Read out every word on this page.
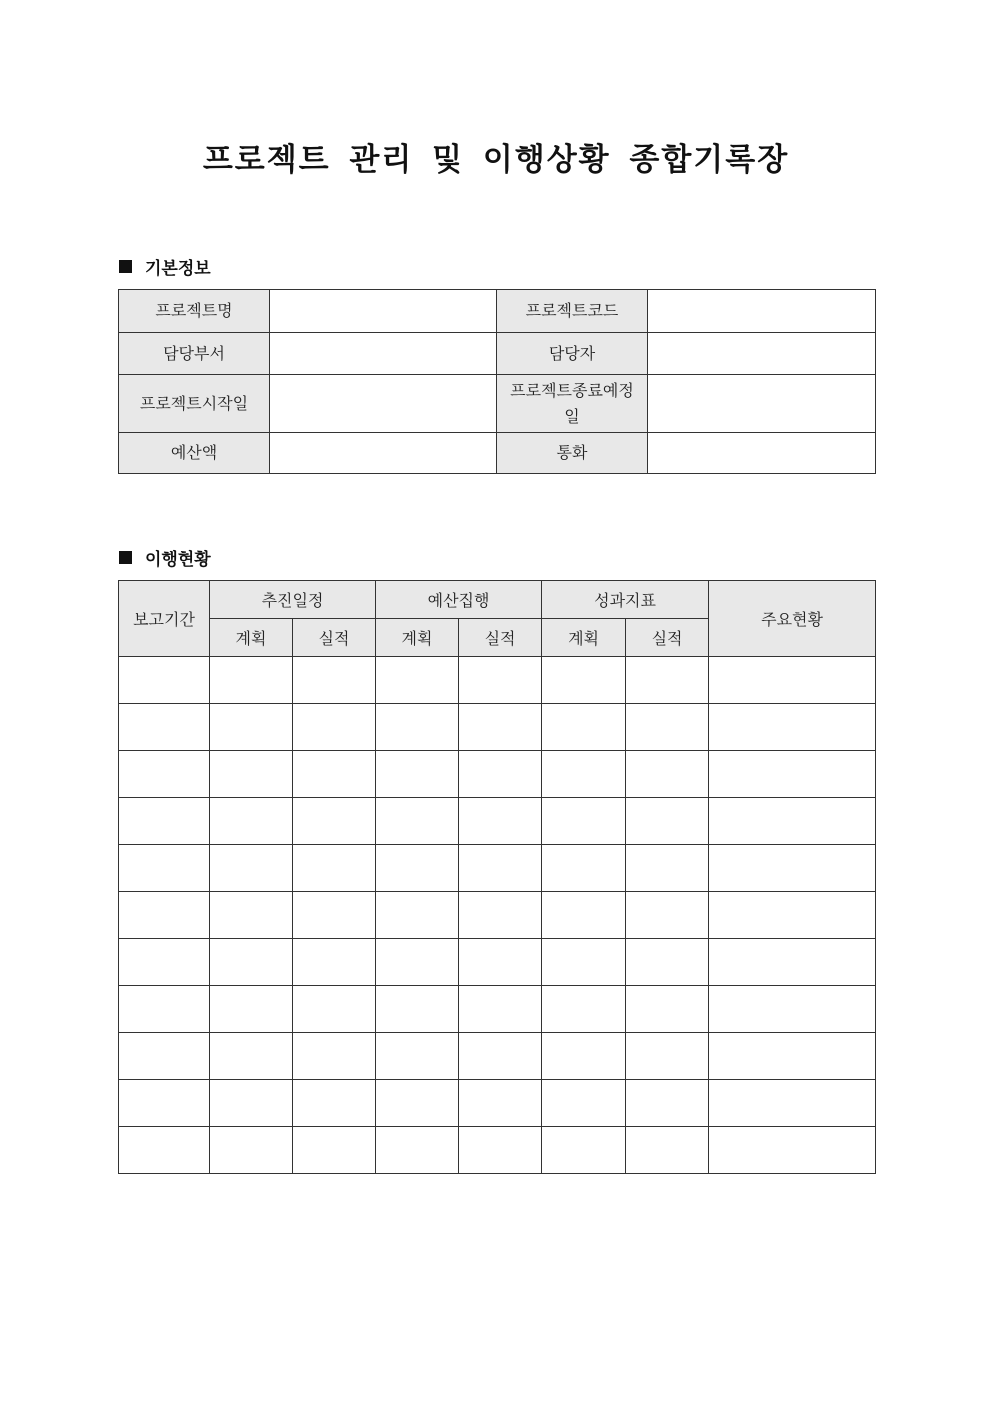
프로젝트 관리 및 이행상황 종합기록장
기본정보
프로젝트명		프로젝트코드	
담당부서		담당자	
프로젝트시작일		프로젝트종료예정일	
예산액		통화	
이행현황
보고기간	추진일정		예산집행		성과지표		주요현황
	계획	실적	계획	실적	계획	실적	
